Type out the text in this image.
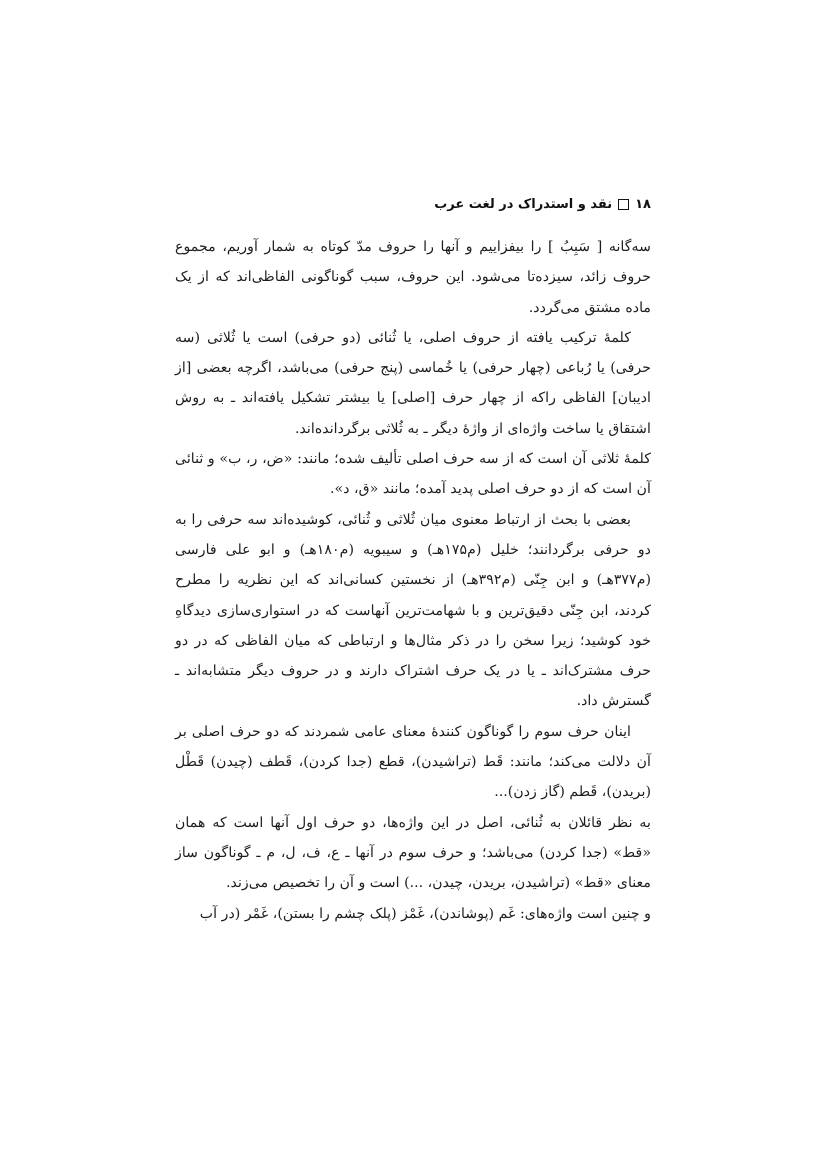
۱۸
نقد و استدراک در لغت عرب

سه‌گانه [ سَبِبُ ] را بیفزاییم و آنها را حروف مدّ کوتاه به شمار آوریم، مجموع حروف زائد، سیزده‌تا می‌شود. این حروف، سبب گوناگونی الفاظی‌اند که از یک ماده مشتق می‌گردد.

کلمهٔ ترکیب یافته از حروف اصلی، یا ثُنائی (دو حرفی) است یا ثُلاثی (سه حرفی) یا رُباعی (چهار حرفی) یا خُماسی (پنج حرفی) می‌باشد، اگرچه بعضی [از ادیبان] الفاظی راکه از چهار حرف [اصلی] یا بیشتر تشکیل یافته‌اند ـ به روش اشتقاق یا ساخت واژه‌ای از واژهٔ دیگر ـ به ثُلاثی برگردانده‌اند.

کلمهٔ ثلاثی آن است که از سه حرف اصلی تألیف شده؛ مانند: «ض، ر، ب» و ثنائی آن است که از دو حرف اصلی پدید آمده؛ مانند «ق، د».

بعضی با بحث از ارتباط معنوی میان ثُلاثی و ثُنائی، کوشیده‌اند سه حرفی را به دو حرفی برگردانند؛ خلیل (م۱۷۵هـ) و سیبویه (م۱۸۰هـ) و ابو علی فارسی (م۳۷۷هـ) و ابن جِنّی (م۳۹۲هـ) از نخستین کسانی‌اند که این نظریه را مطرح کردند، ابن جِنّی دقیق‌ترین و با شهامت‌ترین آنهاست که در استواری‌سازی دیدگاهِ خود کوشید؛ زیرا سخن را در ذکر مثال‌ها و ارتباطی که میان الفاظی که در دو حرف مشترک‌اند ـ یا در یک حرف اشتراک دارند و در حروف دیگر متشابه‌اند ـ گسترش داد.

اینان حرف سوم را گوناگون کنندهٔ معنای عامی شمردند که دو حرف اصلی بر آن دلالت می‌کند؛ مانند: قَط (تراشیدن)، قطع (جدا کردن)، قَطف (چیدن) قَطْل (بریدن)، قَطم (گاز زدن)...

به نظر قائلان به ثُنائی، اصل در این واژه‌ها، دو حرف اول آنها است که همان «قط» (جدا کردن) می‌باشد؛ و حرف سوم در آنها ـ ع، ف، ل، م ـ گوناگون ساز معنای «قط» (تراشیدن، بریدن، چیدن، ...) است و آن را تخصیص می‌زند.

و چنین است واژه‌های: غَم (پوشاندن)، غَمْز (پلک چشم را بستن)، غَمْر (در آب
